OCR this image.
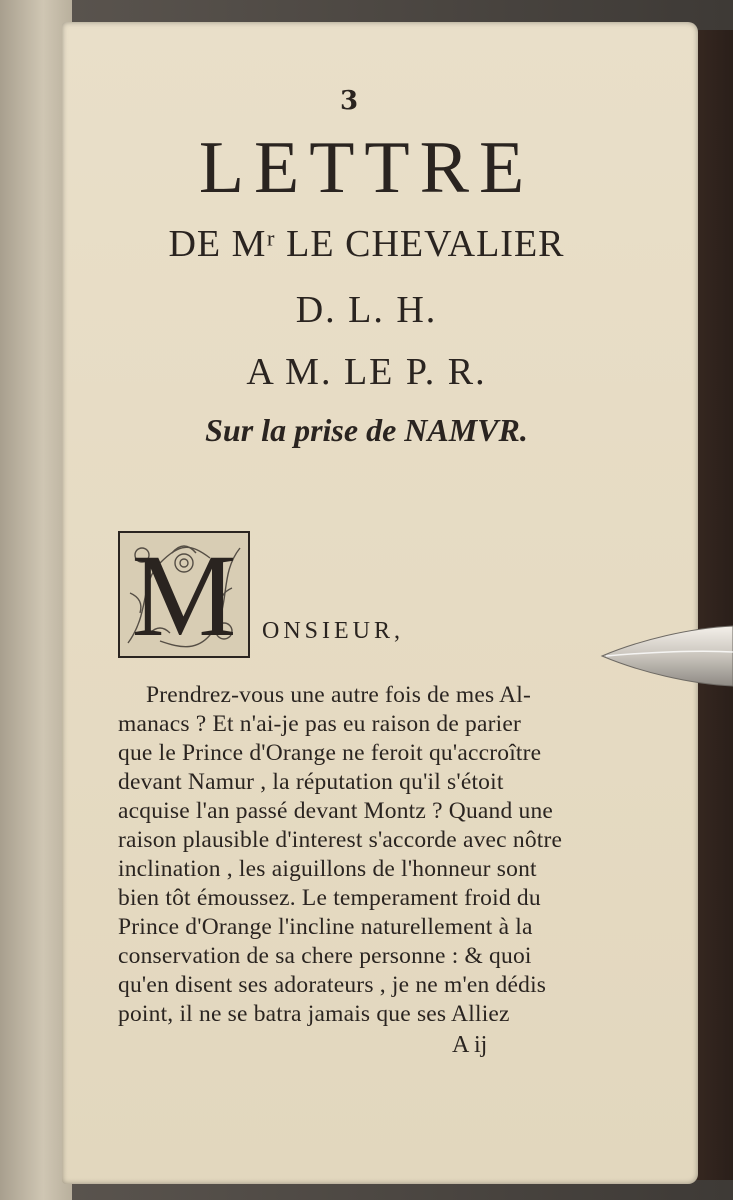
3
LETTRE
DE Mʳ LE CHEVALIER
D. L. H.
A M. LE P. R.
Sur la prise de NAMVR.
M	ONSIEUR,
Prendrez-vous une autre fois de mes Al-
manacs ? Et n'ai-je pas eu raison de parier
que le Prince d'Orange ne feroit qu'accroître
devant Namur , la réputation qu'il s'étoit
acquise l'an passé devant Montz ? Quand une
raison plausible d'interest s'accorde avec nôtre
inclination , les aiguillons de l'honneur sont
bien tôt émoussez. Le temperament froid du
Prince d'Orange l'incline naturellement à la
conservation de sa chere personne : & quoi
qu'en disent ses adorateurs , je ne m'en dédis
point, il ne se batra jamais que ses Alliez
A ij
